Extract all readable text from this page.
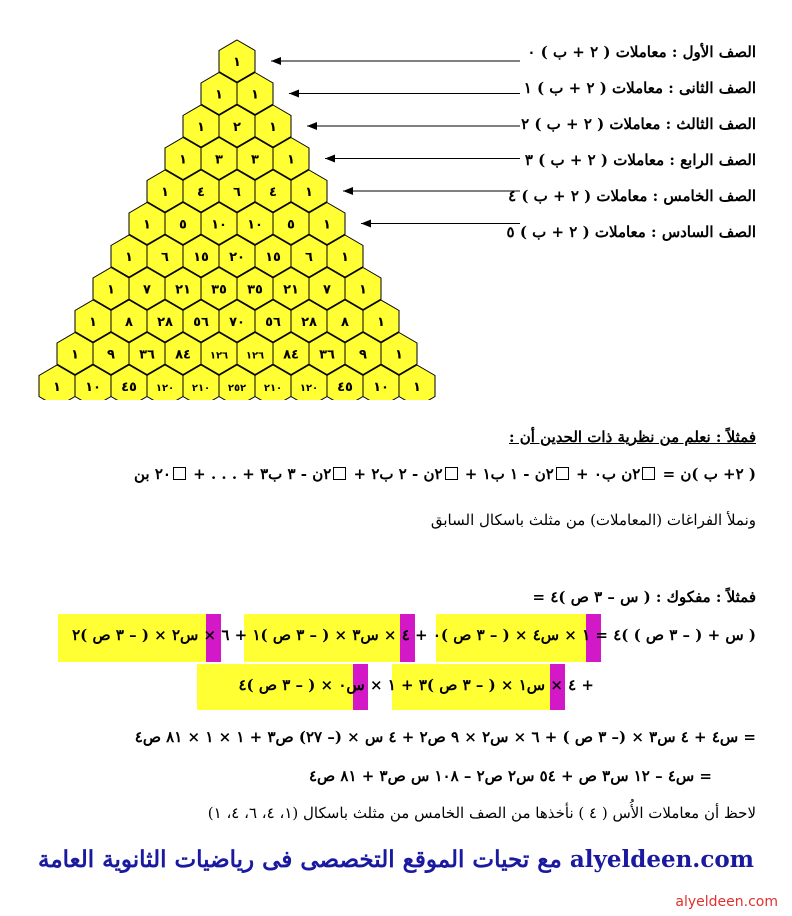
١
١ ١
١ ٢ ١
١ ٣ ٣ ١
١ ٤ ٦ ٤ ١
١ ٥ ١٠ ١٠ ٥ ١
١ ٦ ١٥ ٢٠ ١٥ ٦ ١
١ ٧ ٢١ ٣٥ ٣٥ ٢١ ٧ ١
١ ٨ ٢٨ ٥٦ ٧٠ ٥٦ ٢٨ ٨ ١
١ ٩ ٣٦ ٨٤ ١٢٦ ١٢٦ ٨٤ ٣٦ ٩ ١
١ ١٠ ٤٥ ١٢٠ ٢١٠ ٢٥٢ ٢١٠ ١٢٠ ٤٥ ١٠ ١
الصف الأول : معاملات ( ٢ + ب ) ٠
الصف الثانى : معاملات ( ٢ + ب ) ١
الصف الثالث : معاملات ( ٢ + ب ) ٢
الصف الرابع : معاملات ( ٢ + ب ) ٣
الصف الخامس : معاملات ( ٢ + ب ) ٤
الصف السادس : معاملات ( ٢ + ب ) ٥
فمثلاً : نعلم من نظرية ذات الحدين أن :
( ٢+ ب )ن = ٢ن ب٠ + ٢ن - ١ ب١ + ٢ن - ٢ ب٢ + ٢ن - ٣ ب٣ + . . . + ٢٠ بن
ونملأ الفراغات (المعاملات) من مثلث باسكال السابق
فمثلاً : مفكوك : ( س – ٣ ص )٤ =
( س + ( – ٣ ص ) )٤ = ١ × س٤ × ( – ٣ ص )٠ + ٤ × س٣ × ( – ٣ ص )١ + ٦ × س٢ × ( – ٣ ص )٢
+ ٤ × س١ × ( – ٣ ص )٣ + ١ × س٠ × ( – ٣ ص )٤
= س٤ + ٤ س٣ × (– ٣ ص ) + ٦ × س٢ × ٩ ص٢ + ٤ س × (– ٢٧) ص٣ + ١ × ١ × ٨١ ص٤
= س٤ – ١٢ س٣ ص + ٥٤ س٢ ص٢ – ١٠٨ س ص٣ + ٨١ ص٤
لاحظ أن معاملات الأُس ( ٤ ) نأخذها من الصف الخامس من مثلث باسكال (١، ٤، ٦، ٤، ١)
مع تحيات الموقع التخصصى فى رياضيات الثانوية العامة alyeldeen.com
alyeldeen.com
